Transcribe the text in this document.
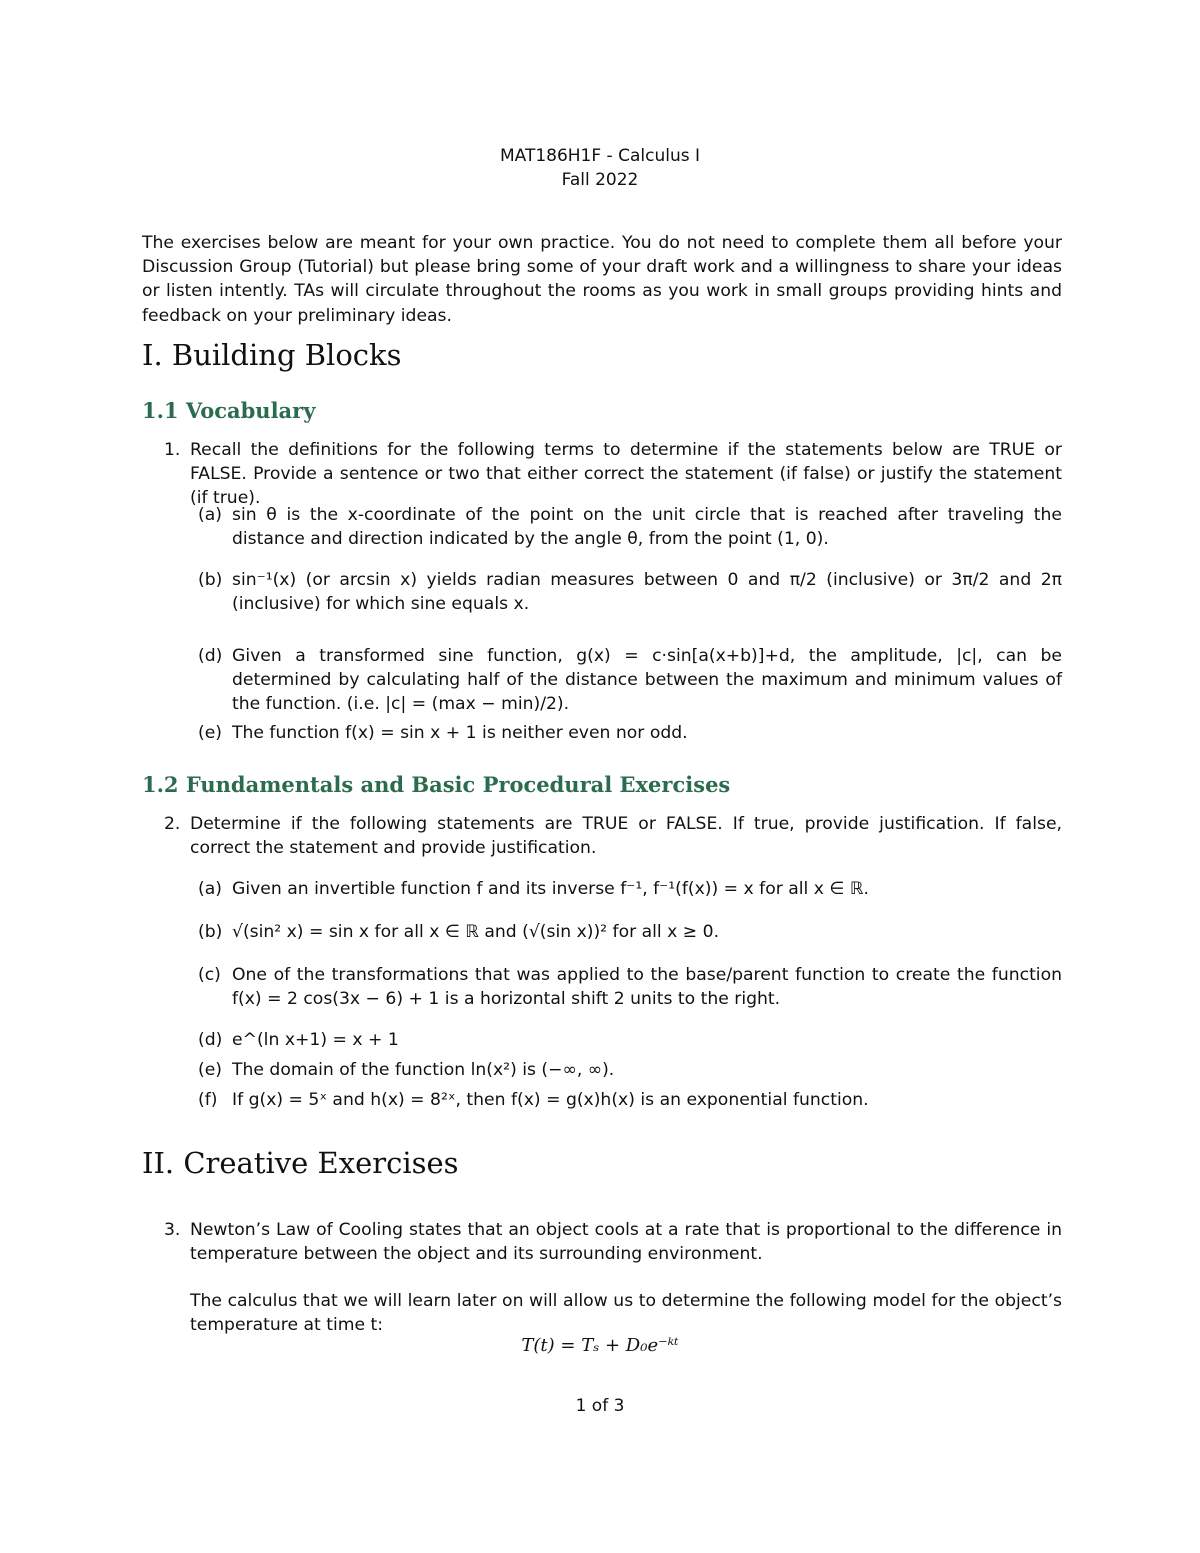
MAT186H1F - Calculus I
Fall 2022
The exercises below are meant for your own practice. You do not need to complete them all before your Discussion Group (Tutorial) but please bring some of your draft work and a willingness to share your ideas or listen intently. TAs will circulate throughout the rooms as you work in small groups providing hints and feedback on your preliminary ideas.
I. Building Blocks
1.1 Vocabulary
1. Recall the definitions for the following terms to determine if the statements below are TRUE or FALSE. Provide a sentence or two that either correct the statement (if false) or justify the statement (if true).
(a) sin θ is the x-coordinate of the point on the unit circle that is reached after traveling the distance and direction indicated by the angle θ, from the point (1, 0).
(b) sin⁻¹(x) (or arcsin x) yields radian measures between 0 and π/2 (inclusive) or 3π/2 and 2π (inclusive) for which sine equals x.
(d) Given a transformed sine function, g(x) = c·sin[a(x+b)]+d, the amplitude, |c|, can be determined by calculating half of the distance between the maximum and minimum values of the function. (i.e. |c| = (max − min)/2).
(e) The function f(x) = sin x + 1 is neither even nor odd.
1.2 Fundamentals and Basic Procedural Exercises
2. Determine if the following statements are TRUE or FALSE. If true, provide justification. If false, correct the statement and provide justification.
(a) Given an invertible function f and its inverse f⁻¹, f⁻¹(f(x)) = x for all x ∈ ℝ.
(b) √(sin² x) = sin x for all x ∈ ℝ and (√(sin x))² for all x ≥ 0.
(c) One of the transformations that was applied to the base/parent function to create the function f(x) = 2 cos(3x − 6) + 1 is a horizontal shift 2 units to the right.
(d) e^(ln x+1) = x + 1
(e) The domain of the function ln(x²) is (−∞, ∞).
(f) If g(x) = 5ˣ and h(x) = 8²ˣ, then f(x) = g(x)h(x) is an exponential function.
II. Creative Exercises
3. Newton’s Law of Cooling states that an object cools at a rate that is proportional to the difference in temperature between the object and its surrounding environment.
The calculus that we will learn later on will allow us to determine the following model for the object’s temperature at time t:
T(t) = Tₛ + D₀e⁻ᵏᵗ
1 of 3
